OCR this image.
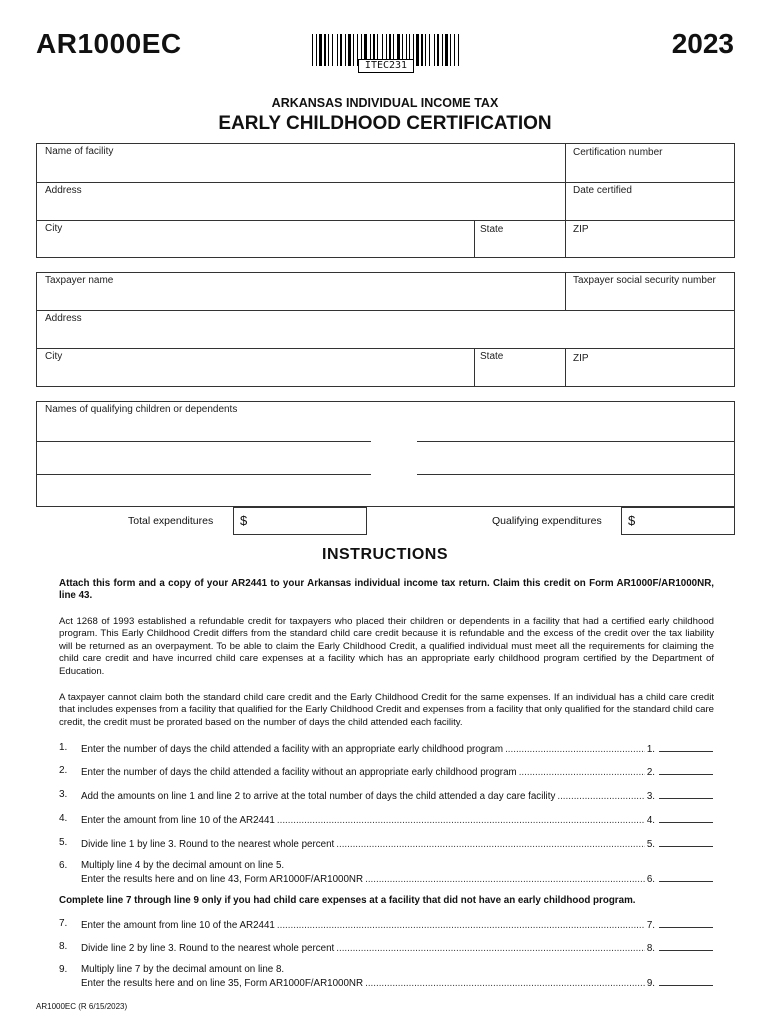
AR1000EC	2023
ITEC231
ARKANSAS INDIVIDUAL INCOME TAX
EARLY CHILDHOOD CERTIFICATION
Name of facility	Certification number
Address	Date certified
City	State	ZIP
Taxpayer name	Taxpayer social security number
Address
City	State	ZIP
Names of qualifying children or dependents
Total expenditures $	Qualifying expenditures $
INSTRUCTIONS
Attach this form and a copy of your AR2441 to your Arkansas individual income tax return. Claim this credit on Form AR1000F/AR1000NR, line 43.
Act 1268 of 1993 established a refundable credit for taxpayers who placed their children or dependents in a facility that had a certified early childhood program. This Early Childhood Credit differs from the standard child care credit because it is refundable and the excess of the credit over the tax liability will be returned as an overpayment. To be able to claim the Early Childhood Credit, a qualified individual must meet all the requirements for claiming the child care credit and have incurred child care expenses at a facility which has an appropriate early childhood program certified by the Department of Education.
A taxpayer cannot claim both the standard child care credit and the Early Childhood Credit for the same expenses. If an individual has a child care credit that includes expenses from a facility that qualified for the Early Childhood Credit and expenses from a facility that only qualified for the standard child care credit, the credit must be prorated based on the number of days the child attended each facility.
1. Enter the number of days the child attended a facility with an appropriate early childhood program .....	1.
2. Enter the number of days the child attended a facility without an appropriate early childhood program .....	2.
3. Add the amounts on line 1 and line 2 to arrive at the total number of days the child attended a day care facility .....	3.
4. Enter the amount from line 10 of the AR2441 .....	4.
5. Divide line 1 by line 3. Round to the nearest whole percent .....	5.
6. Multiply line 4 by the decimal amount on line 5.
Enter the results here and on line 43, Form AR1000F/AR1000NR .....	6.
Complete line 7 through line 9 only if you had child care expenses at a facility that did not have an early childhood program.
7. Enter the amount from line 10 of the AR2441 .....	7.
8. Divide line 2 by line 3. Round to the nearest whole percent .....	8.
9. Multiply line 7 by the decimal amount on line 8.
Enter the results here and on line 35, Form AR1000F/AR1000NR .....	9.
AR1000EC (R 6/15/2023)
